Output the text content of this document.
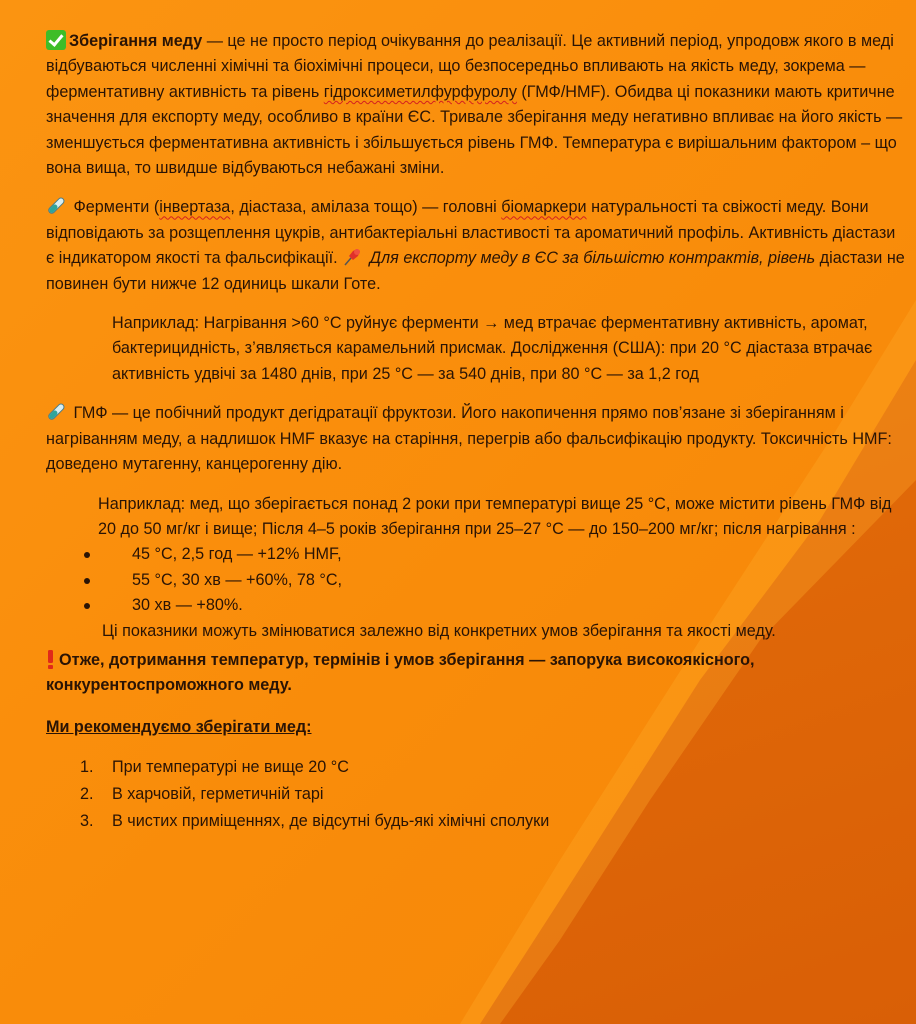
Зберігання меду — це не просто період очікування до реалізації. Це активний період, упродовж якого в меді відбуваються численні хімічні та біохімічні процеси, що безпосередньо впливають на якість меду, зокрема — ферментативну активність та рівень гідроксиметилфурфуролу (ГМФ/HMF). Обидва ці показники мають критичне значення для експорту меду, особливо в країни ЄС. Тривале зберігання меду негативно впливає на його якість — зменшується ферментативна активність і збільшується рівень ГМФ. Температура є вирішальним фактором – що вона вища, то швидше відбуваються небажані зміни.

Ферменти (інвертаза, діастаза, амілаза тощо) — головні біомаркери натуральності та свіжості меду. Вони відповідають за розщеплення цукрів, антибактеріальні властивості та ароматичний профіль. Активність діастази є індикатором якості та фальсифікації.  Для експорту меду в ЄС за більшістю контрактів, рівень діастази не повинен бути нижче 12 одиниць шкали Готе.

Наприклад: Нагрівання >60 °C руйнує ферменти → мед втрачає ферментативну активність, аромат, бактерицидність, з’являється карамельний присмак. Дослідження (США): при 20 °C діастаза втрачає активність удвічі за 1480 днів, при 25 °C — за 540 днів, при 80 °C — за 1,2 год

ГМФ — це побічний продукт дегідратації фруктози. Його накопичення прямо пов’язане зі зберіганням і нагріванням меду, а надлишок HMF вказує на старіння, перегрів або фальсифікацію продукту. Токсичність HMF: доведено мутагенну, канцерогенну дію.

Наприклад: мед, що зберігається понад 2 роки при температурі вище 25 °C, може містити рівень ГМФ від 20 до 50 мг/кг і вище; Після 4–5 років зберігання при 25–27 °C — до 150–200 мг/кг; після нагрівання :

45 °C, 2,5 год — +12% HMF,
55 °C, 30 хв — +60%, 78 °C,
30 хв — +80%.

Ці показники можуть змінюватися залежно від конкретних умов зберігання та якості меду.

Отже, дотримання температур, термінів і умов зберігання — запорука високоякісного, конкурентоспроможного меду.

Ми рекомендуємо зберігати мед:

1. При температурі не вище 20 °C
2. В харчовій, герметичній тарі
3. В чистих приміщеннях, де відсутні будь-які хімічні сполуки
